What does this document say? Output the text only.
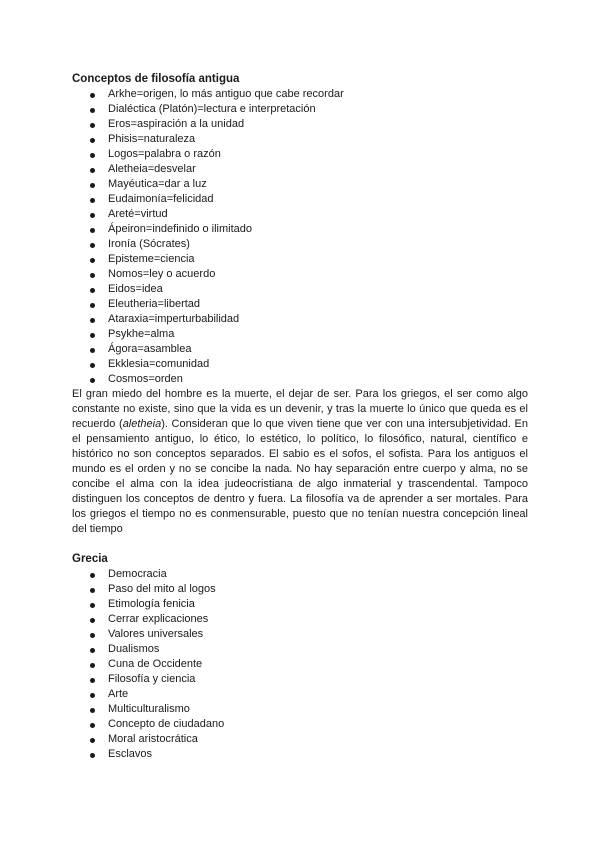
Conceptos de filosofía antigua

Arkhe=origen, lo más antiguo que cabe recordar
Dialéctica (Platón)=lectura e interpretación
Eros=aspiración a la unidad
Phisis=naturaleza
Logos=palabra o razón
Aletheia=desvelar
Mayéutica=dar a luz
Eudaimonía=felicidad
Areté=virtud
Ápeiron=indefinido o ilimitado
Ironía (Sócrates)
Episteme=ciencia
Nomos=ley o acuerdo
Eidos=idea
Eleutheria=libertad
Ataraxia=imperturbabilidad
Psykhe=alma
Ágora=asamblea
Ekklesia=comunidad
Cosmos=orden

El gran miedo del hombre es la muerte, el dejar de ser. Para los griegos, el ser como algo constante no existe, sino que la vida es un devenir, y tras la muerte lo único que queda es el recuerdo (aletheia). Consideran que lo que viven tiene que ver con una intersubjetividad. En el pensamiento antiguo, lo ético, lo estético, lo político, lo filosófico, natural, científico e histórico no son conceptos separados. El sabio es el sofos, el sofista. Para los antiguos el mundo es el orden y no se concibe la nada. No hay separación entre cuerpo y alma, no se concibe el alma con la idea judeocristiana de algo inmaterial y trascendental. Tampoco distinguen los conceptos de dentro y fuera. La filosofía va de aprender a ser mortales. Para los griegos el tiempo no es conmensurable, puesto que no tenían nuestra concepción lineal del tiempo

Grecia

Democracia
Paso del mito al logos
Etimología fenicia
Cerrar explicaciones
Valores universales
Dualismos
Cuna de Occidente
Filosofía y ciencia
Arte
Multiculturalismo
Concepto de ciudadano
Moral aristocrática
Esclavos
